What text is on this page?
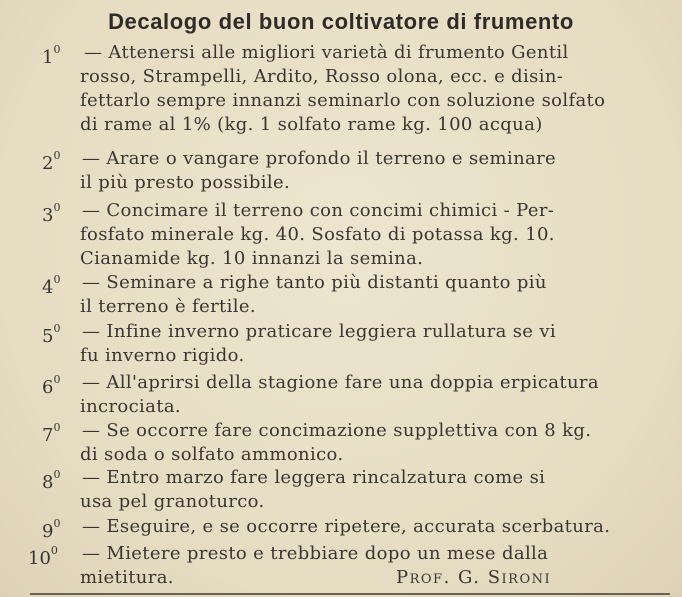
Decalogo del buon coltivatore di frumento
$1^0$ — Attenersi alle migliori varietà di frumento Gentil
rosso, Strampelli, Ardito, Rosso olona, ecc. e disin-
fettarlo sempre innanzi seminarlo con soluzione solfato
di rame al 1% (kg. 1 solfato rame kg. 100 acqua)
$2^0$ — Arare o vangare profondo il terreno e seminare
il più presto possibile.
$3^0$ — Concimare il terreno con concimi chimici - Per-
fosfato minerale kg. 40. Sosfato di potassa kg. 10.
Cianamide kg. 10 innanzi la semina.
$4^0$ — Seminare a righe tanto più distanti quanto più
il terreno è fertile.
$5^0$ — Infine inverno praticare leggiera rullatura se vi
fu inverno rigido.
$6^0$ — All'aprirsi della stagione fare una doppia erpicatura
incrociata.
$7^0$ — Se occorre fare concimazione supplettiva con 8 kg.
di soda o solfato ammonico.
$8^0$ — Entro marzo fare leggera rincalzatura come si
usa pel granoturco.
$9^0$ — Eseguire, e se occorre ripetere, accurata scerbatura.
$10^0$ — Mietere presto e trebbiare dopo un mese dalla
mietitura.	Prof. G. Sironi
